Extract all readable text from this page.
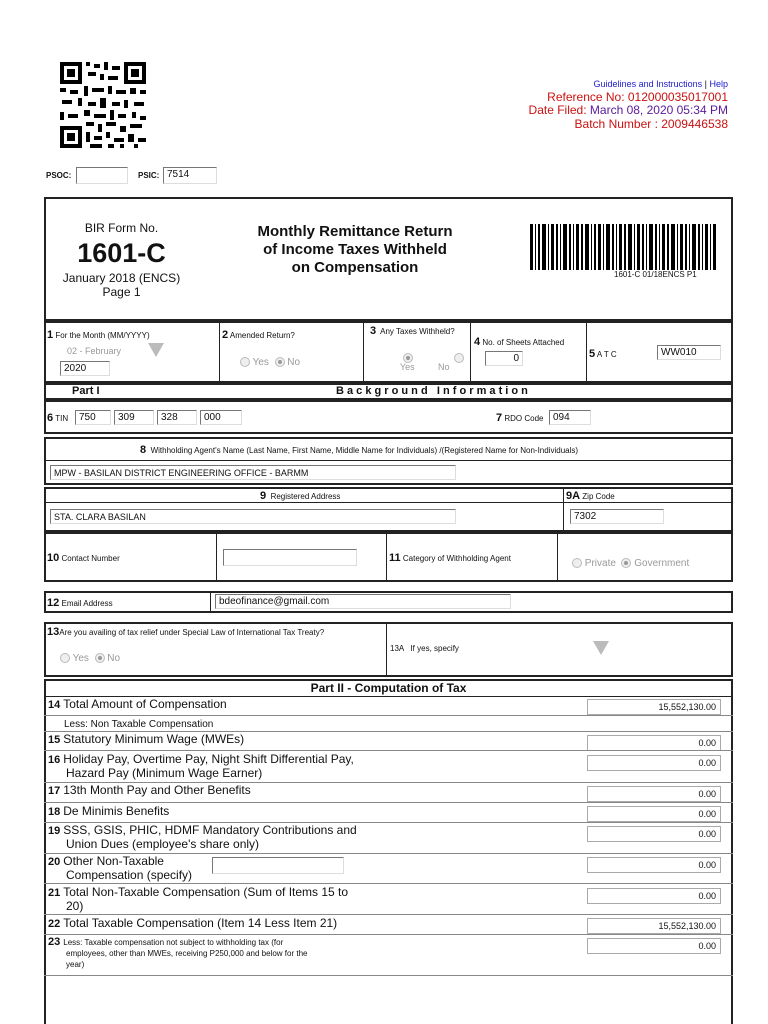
PSOC:	PSIC: 7514
Guidelines and Instructions | Help
Reference No: 012000035017001
Date Filed: March 08, 2020 05:34 PM
Batch Number : 2009446538
BIR Form No.
1601-C
January 2018 (ENCS)
Page 1
Monthly Remittance Return
of Income Taxes Withheld
on Compensation	1601-C 01/18ENCS P1
1 For the Month (MM/YYYY)
02 - February
2020
2 Amended Return?
Yes No
3 Any Taxes Withheld?

Yes	No
4 No. of Sheets Attached
0	5 A T C	WW010
Part I	B a c k g r o u n d   I n f o r m a t i o n
6 TIN	750	309	328	000	7 RDO Code 094
8 Withholding Agent's Name (Last Name, First Name, Middle Name for Individuals) /(Registered Name for Non-Individuals)
MPW - BASILAN DISTRICT ENGINEERING OFFICE - BARMM
9 Registered Address
STA. CLARA BASILAN
9A Zip Code
7302
10 Contact Number	11 Category of Withholding Agent	Private Government
12 Email Address	bdeofinance@gmail.com
13Are you availing of tax relief under Special Law of International Tax Treaty?
Yes No
13A   If yes, specify
Part II - Computation of Tax
14 Total Amount of Compensation	15,552,130.00
Less: Non Taxable Compensation
15 Statutory Minimum Wage (MWEs)	0.00
16 Holiday Pay, Overtime Pay, Night Shift Differential Pay,
Hazard Pay (Minimum Wage Earner)
0.00
17 13th Month Pay and Other Benefits	0.00
18 De Minimis Benefits	0.00
19 SSS, GSIS, PHIC, HDMF Mandatory Contributions and
Union Dues (employee's share only)
0.00
20 Other Non-Taxable
Compensation (specify)
0.00
21 Total Non-Taxable Compensation (Sum of Items 15 to
20)
0.00
22 Total Taxable Compensation (Item 14 Less Item 21)	15,552,130.00
23 Less: Taxable compensation not subject to withholding tax (for
employees, other than MWEs, receiving P250,000 and below for the
year)
0.00
